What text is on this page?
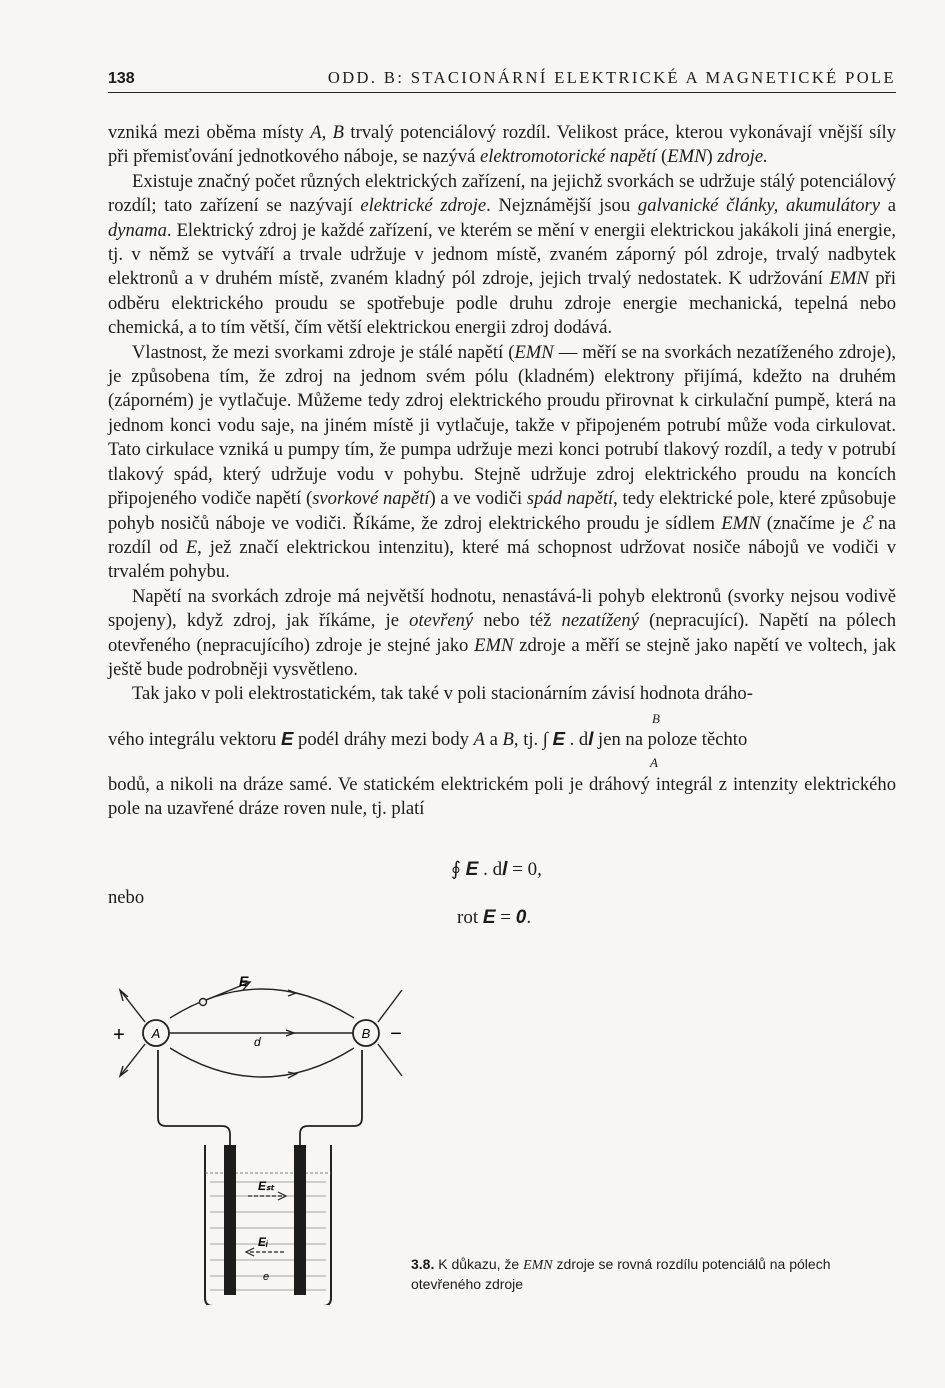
138	ODD. B: STACIONÁRNÍ ELEKTRICKÉ A MAGNETICKÉ POLE

vzniká mezi oběma místy A, B trvalý potenciálový rozdíl. Velikost práce, kterou vykonávají vnější síly při přemisťování jednotkového náboje, se nazývá elektromotorické napětí (EMN) zdroje.

Existuje značný počet různých elektrických zařízení, na jejichž svorkách se udržuje stálý potenciálový rozdíl; tato zařízení se nazývají elektrické zdroje. Nejznámější jsou galvanické články, akumulátory a dynama. Elektrický zdroj je každé zařízení, ve kterém se mění v energii elektrickou jakákoli jiná energie, tj. v němž se vytváří a trvale udržuje v jednom místě, zvaném záporný pól zdroje, trvalý nadbytek elektronů a v druhém místě, zvaném kladný pól zdroje, jejich trvalý nedostatek. K udržování EMN při odběru elektrického proudu se spotřebuje podle druhu zdroje energie mechanická, tepelná nebo chemická, a to tím větší, čím větší elektrickou energii zdroj dodává.

Vlastnost, že mezi svorkami zdroje je stálé napětí (EMN — měří se na svorkách nezatíženého zdroje), je způsobena tím, že zdroj na jednom svém pólu (kladném) elektrony přijímá, kdežto na druhém (záporném) je vytlačuje. Můžeme tedy zdroj elektrického proudu přirovnat k cirkulační pumpě, která na jednom konci vodu saje, na jiném místě ji vytlačuje, takže v připojeném potrubí může voda cirkulovat. Tato cirkulace vzniká u pumpy tím, že pumpa udržuje mezi konci potrubí tlakový rozdíl, a tedy v potrubí tlakový spád, který udržuje vodu v pohybu. Stejně udržuje zdroj elektrického proudu na koncích připojeného vodiče napětí (svorkové napětí) a ve vodiči spád napětí, tedy elektrické pole, které způsobuje pohyb nosičů náboje ve vodiči. Říkáme, že zdroj elektrického proudu je sídlem EMN (značíme je ℰ na rozdíl od E, jež značí elektrickou intenzitu), které má schopnost udržovat nosiče nábojů ve vodiči v trvalém pohybu.

Napětí na svorkách zdroje má největší hodnotu, nenastává-li pohyb elektronů (svorky nejsou vodivě spojeny), když zdroj, jak říkáme, je otevřený nebo též nezatížený (nepracující). Napětí na pólech otevřeného (nepracujícího) zdroje je stejné jako EMN zdroje a měří se stejně jako napětí ve voltech, jak ještě bude podrobněji vysvětleno.

Tak jako v poli elektrostatickém, tak také v poli stacionárním závisí hodnota dráho-

B
vého integrálu vektoru E podél dráhy mezi body A a B, tj. ∫ E . dl jen na poloze těchto
A

bodů, a nikoli na dráze samé. Ve statickém elektrickém poli je dráhový integrál z intenzity elektrického pole na uzavřené dráze roven nule, tj. platí

∮ E . dl = 0,
nebo
rot E = 0.
A	B
+	−
E
d
Eₛₜ
Eᵢ
e
3.8. K důkazu, že EMN zdroje se rovná rozdílu potenciálů na pólech otevřeného zdroje
